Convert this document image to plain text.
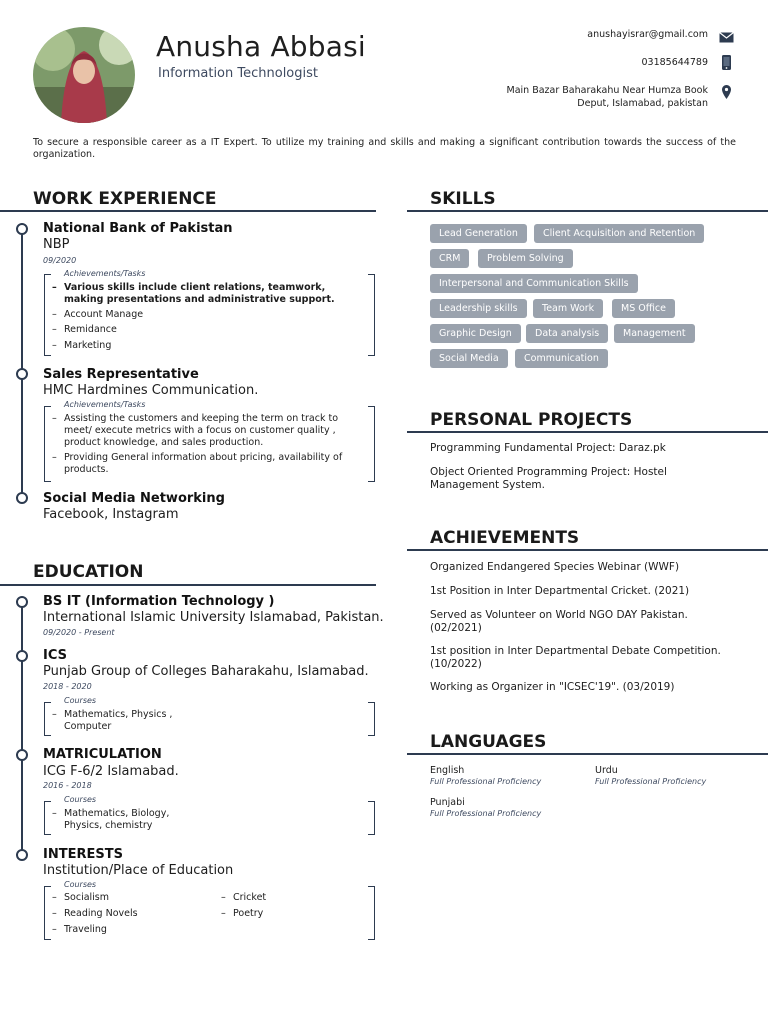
Anusha Abbasi
Information Technologist
anushayisrar@gmail.com
03185644789
Main Bazar Baharakahu Near Humza Book
Deput, Islamabad, pakistan
To secure a responsible career as a IT Expert. To utilize my training and skills and making a significant contribution towards the success of the organization.
WORK EXPERIENCE
National Bank of Pakistan
NBP
09/2020
Achievements/Tasks
– Various skills include client relations, teamwork, making presentations and administrative support.
– Account Manage
– Remidance
– Marketing
Sales Representative
HMC Hardmines Communication.
Achievements/Tasks
– Assisting the customers and keeping the term on track to meet/ execute metrics with a focus on customer quality , product knowledge, and sales production.
– Providing General information about pricing, availability of products.
Social Media Networking
Facebook, Instagram
EDUCATION
BS IT (Information Technology )
International Islamic University Islamabad, Pakistan.
09/2020 - Present
ICS
Punjab Group of Colleges Baharakahu, Islamabad.
2018 - 2020
Courses
– Mathematics, Physics , Computer
MATRICULATION
ICG F-6/2 Islamabad.
2016 - 2018
Courses
– Mathematics, Biology, Physics, chemistry
INTERESTS
Institution/Place of Education
Courses
– Socialism
– Reading Novels
– Traveling
– Cricket
– Poetry
SKILLS
Lead Generation	Client Acquisition and Retention
CRM	Problem Solving
Interpersonal and Communication Skills
Leadership skills	Team Work	MS Office
Graphic Design	Data analysis	Management
Social Media	Communication
PERSONAL PROJECTS
Programming Fundamental Project: Daraz.pk
Object Oriented Programming Project: Hostel Management System.
ACHIEVEMENTS
Organized Endangered Species Webinar (WWF)
1st Position in Inter Departmental Cricket. (2021)
Served as Volunteer on World NGO DAY Pakistan. (02/2021)
1st position in Inter Departmental Debate Competition. (10/2022)
Working as Organizer in "ICSEC'19". (03/2019)
LANGUAGES
English
Full Professional Proficiency
Urdu
Full Professional Proficiency
Punjabi
Full Professional Proficiency
